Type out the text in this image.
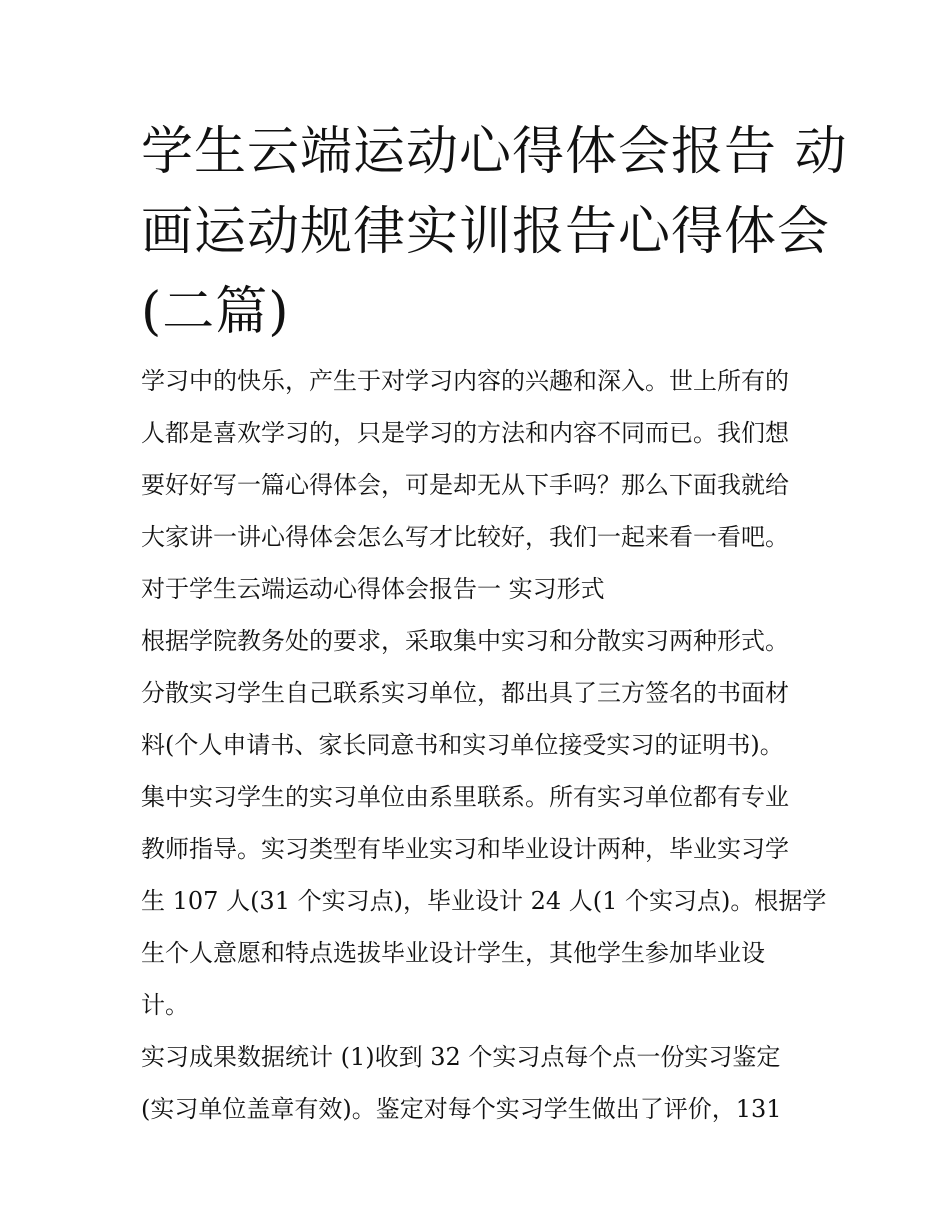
学生云端运动心得体会报告 动
画运动规律实训报告心得体会
(二篇)
学习中的快乐，产生于对学习内容的兴趣和深入。世上所有的
人都是喜欢学习的，只是学习的方法和内容不同而已。我们想
要好好写一篇心得体会，可是却无从下手吗？那么下面我就给
大家讲一讲心得体会怎么写才比较好，我们一起来看一看吧。
对于学生云端运动心得体会报告一 实习形式
根据学院教务处的要求，采取集中实习和分散实习两种形式。
分散实习学生自己联系实习单位，都出具了三方签名的书面材
料(个人申请书、家长同意书和实习单位接受实习的证明书)。
集中实习学生的实习单位由系里联系。所有实习单位都有专业
教师指导。实习类型有毕业实习和毕业设计两种，毕业实习学
生 107 人(31 个实习点)，毕业设计 24 人(1 个实习点)。根据学
生个人意愿和特点选拔毕业设计学生，其他学生参加毕业设
计。
实习成果数据统计 (1)收到 32 个实习点每个点一份实习鉴定
(实习单位盖章有效)。鉴定对每个实习学生做出了评价，131
